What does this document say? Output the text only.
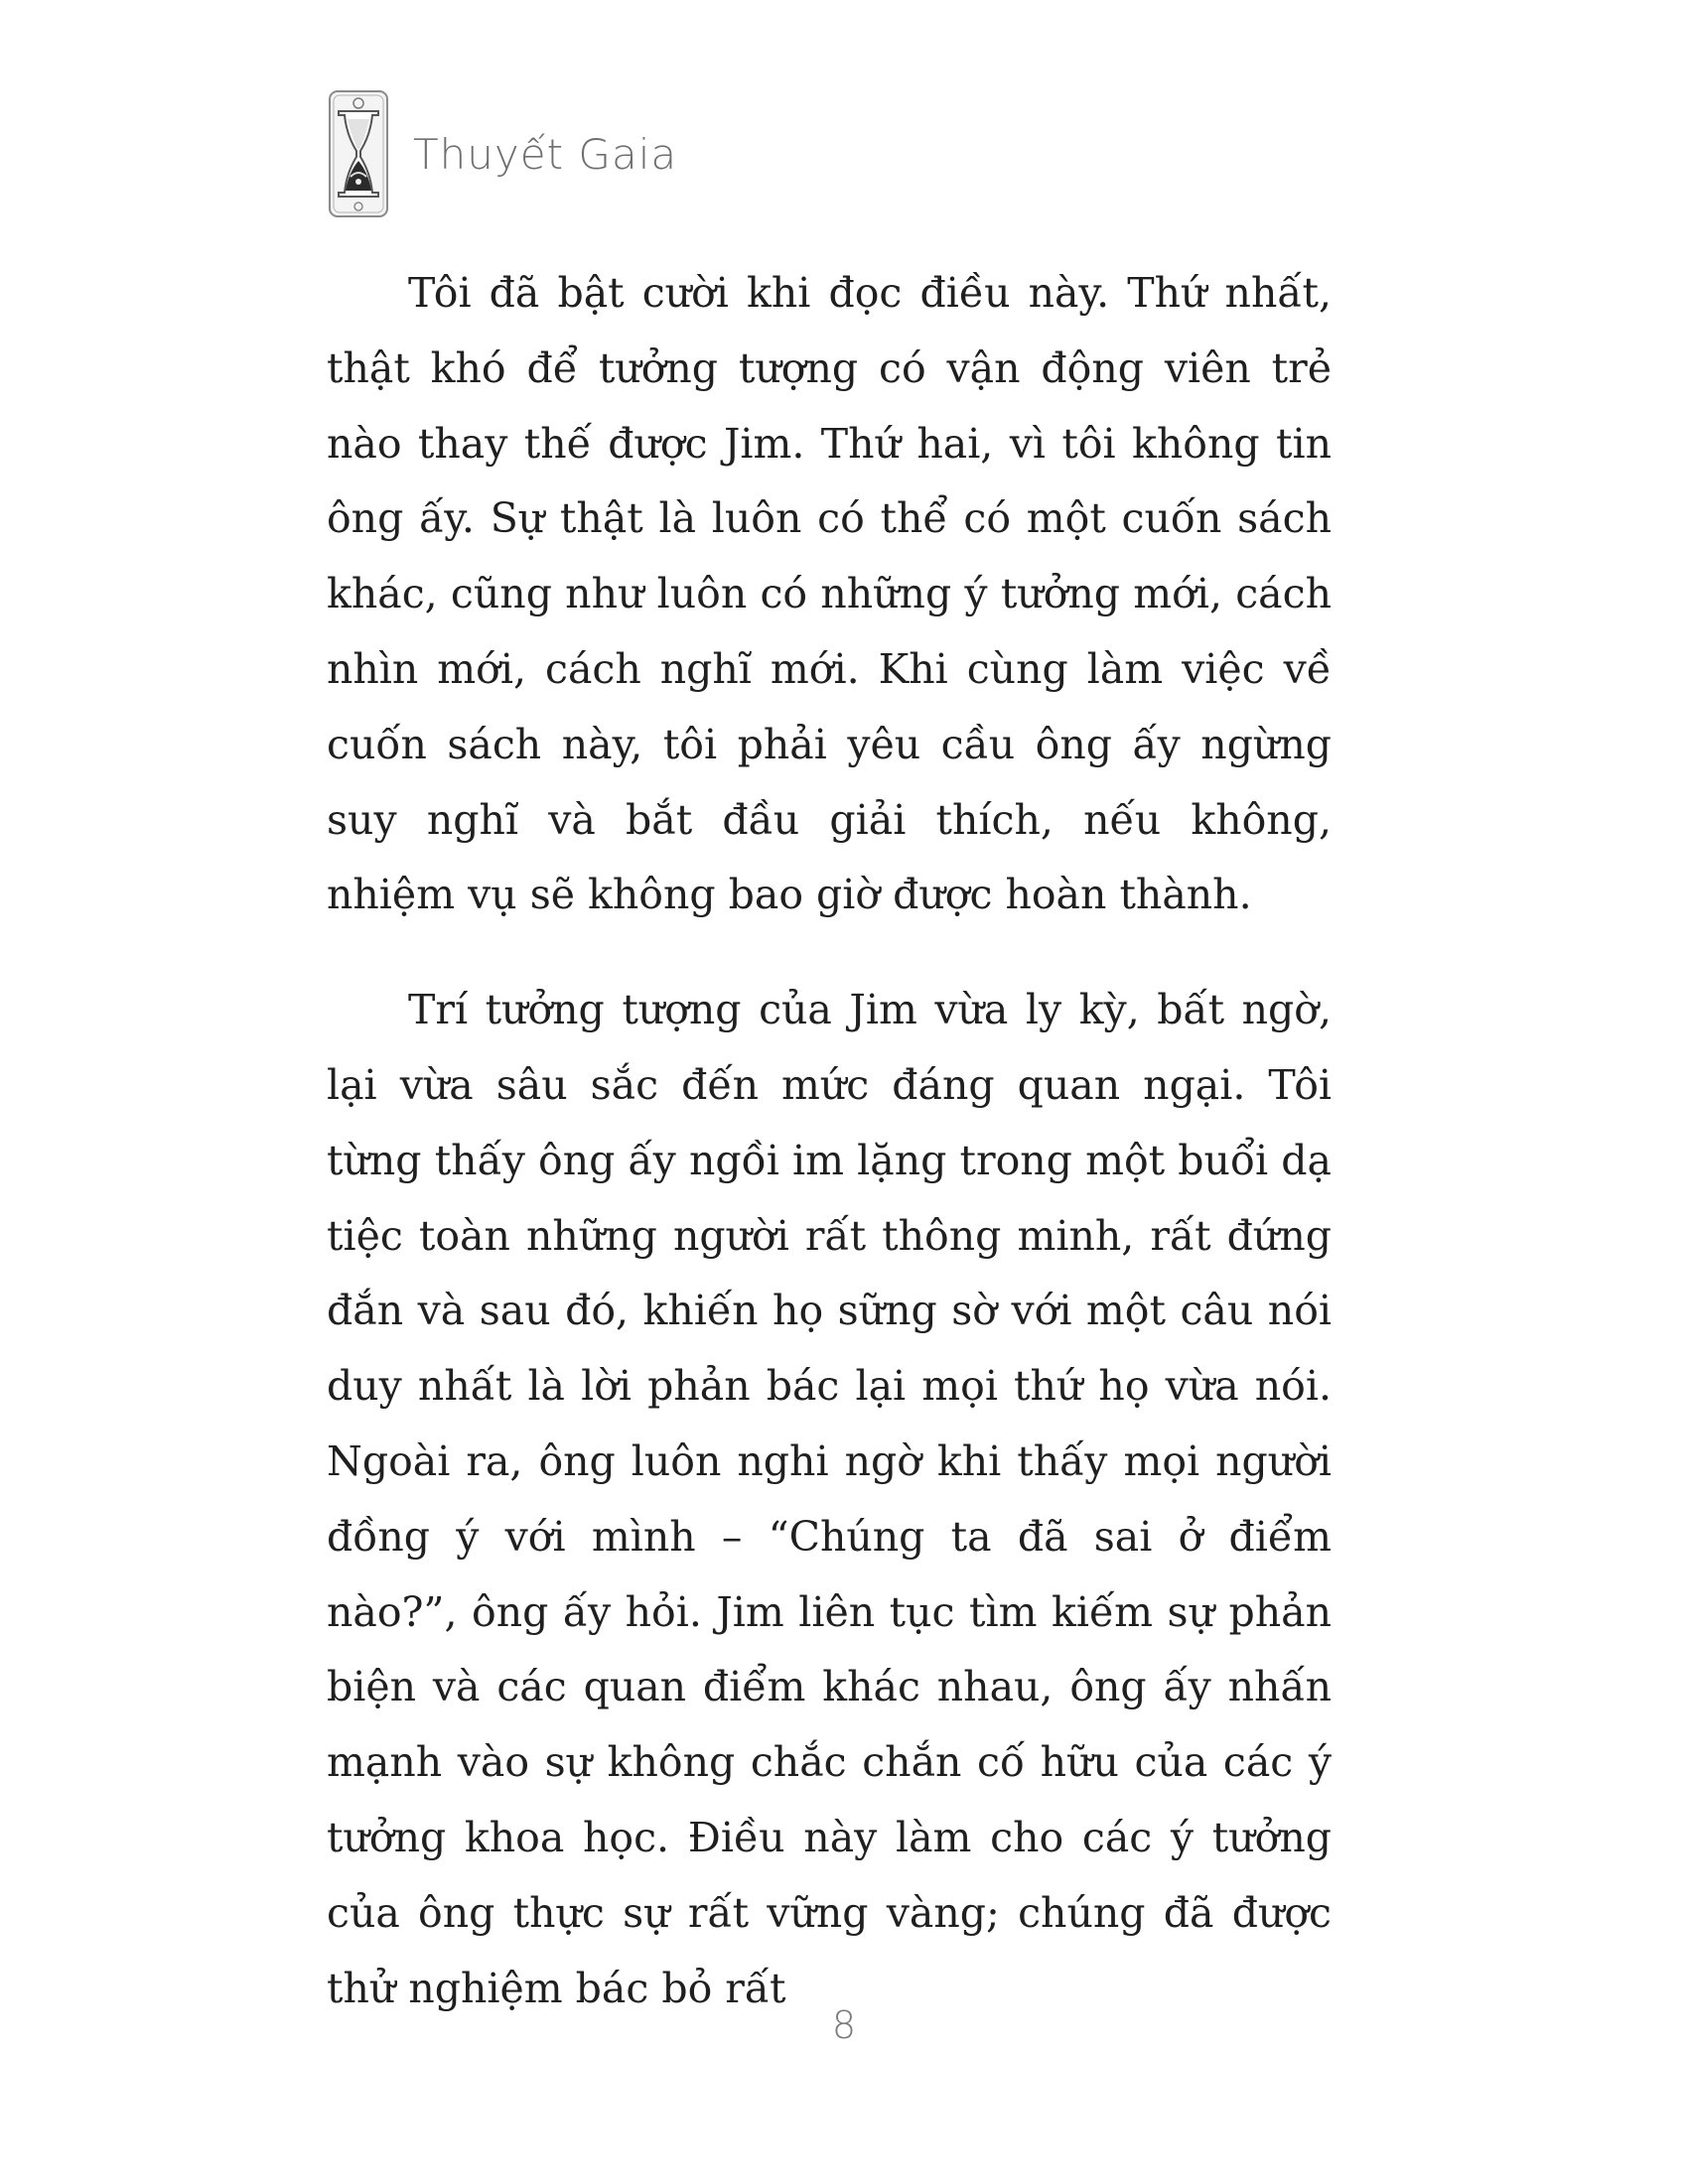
Thuyết Gaia

Tôi đã bật cười khi đọc điều này. Thứ nhất, thật khó để tưởng tượng có vận động viên trẻ nào thay thế được Jim. Thứ hai, vì tôi không tin ông ấy. Sự thật là luôn có thể có một cuốn sách khác, cũng như luôn có những ý tưởng mới, cách nhìn mới, cách nghĩ mới. Khi cùng làm việc về cuốn sách này, tôi phải yêu cầu ông ấy ngừng suy nghĩ và bắt đầu giải thích, nếu không, nhiệm vụ sẽ không bao giờ được hoàn thành.

Trí tưởng tượng của Jim vừa ly kỳ, bất ngờ, lại vừa sâu sắc đến mức đáng quan ngại. Tôi từng thấy ông ấy ngồi im lặng trong một buổi dạ tiệc toàn những người rất thông minh, rất đứng đắn và sau đó, khiến họ sững sờ với một câu nói duy nhất là lời phản bác lại mọi thứ họ vừa nói. Ngoài ra, ông luôn nghi ngờ khi thấy mọi người đồng ý với mình – “Chúng ta đã sai ở điểm nào?”, ông ấy hỏi. Jim liên tục tìm kiếm sự phản biện và các quan điểm khác nhau, ông ấy nhấn mạnh vào sự không chắc chắn cố hữu của các ý tưởng khoa học. Điều này làm cho các ý tưởng của ông thực sự rất vững vàng; chúng đã được thử nghiệm bác bỏ rất

8
